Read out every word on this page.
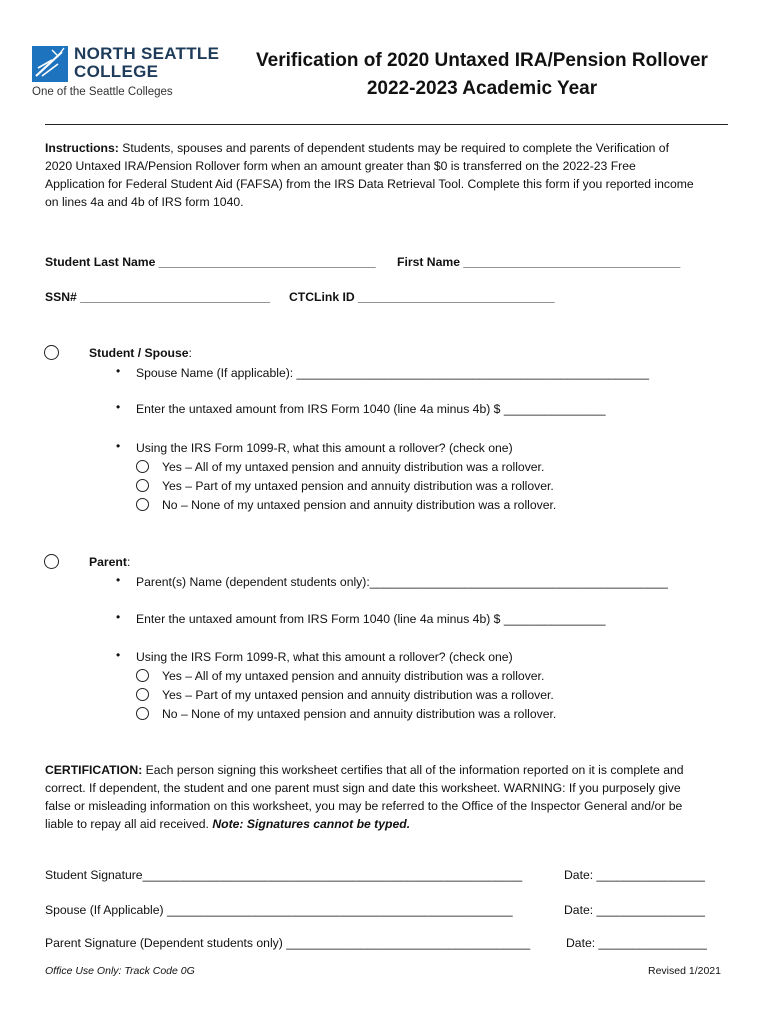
NORTH SEATTLE
COLLEGE
One of the Seattle Colleges
Verification of 2020 Untaxed IRA/Pension Rollover
2022-2023 Academic Year
Instructions: Students, spouses and parents of dependent students may be required to complete the Verification of
2020 Untaxed IRA/Pension Rollover form when an amount greater than $0 is transferred on the 2022-23 Free
Application for Federal Student Aid (FAFSA) from the IRS Data Retrieval Tool. Complete this form if you reported income
on lines 4a and 4b of IRS form 1040.
Student Last Name ________________________________ First Name ________________________________
SSN# ____________________________ CTCLink ID _____________________________
Student / Spouse:
• Spouse Name (If applicable): ____________________________________________________
• Enter the untaxed amount from IRS Form 1040 (line 4a minus 4b) $ _______________
• Using the IRS Form 1099-R, what this amount a rollover? (check one)
Yes – All of my untaxed pension and annuity distribution was a rollover.
Yes – Part of my untaxed pension and annuity distribution was a rollover.
No – None of my untaxed pension and annuity distribution was a rollover.
Parent:
• Parent(s) Name (dependent students only):____________________________________________
• Enter the untaxed amount from IRS Form 1040 (line 4a minus 4b) $ _______________
• Using the IRS Form 1099-R, what this amount a rollover? (check one)
Yes – All of my untaxed pension and annuity distribution was a rollover.
Yes – Part of my untaxed pension and annuity distribution was a rollover.
No – None of my untaxed pension and annuity distribution was a rollover.
CERTIFICATION: Each person signing this worksheet certifies that all of the information reported on it is complete and
correct. If dependent, the student and one parent must sign and date this worksheet. WARNING: If you purposely give
false or misleading information on this worksheet, you may be referred to the Office of the Inspector General and/or be
liable to repay all aid received. Note: Signatures cannot be typed.
Student Signature________________________________________________________	Date: ________________
Spouse (If Applicable) ___________________________________________________	Date: ________________
Parent Signature (Dependent students only) ____________________________________	Date: ________________
Office Use Only: Track Code 0G	Revised 1/2021
